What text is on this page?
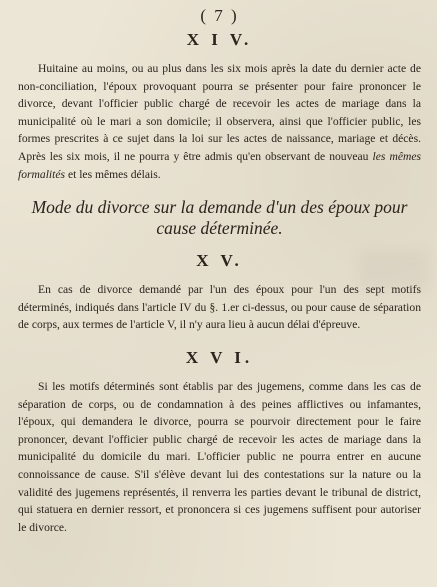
( 7 )
X I V.

Huitaine au moins, ou au plus dans les six mois après la date du dernier acte de non-conciliation, l'époux provoquant pourra se présenter pour faire prononcer le divorce, devant l'officier public chargé de recevoir les actes de mariage dans la municipalité où le mari a son domicile; il observera, ainsi que l'officier public, les formes prescrites à ce sujet dans la loi sur les actes de naissance, mariage et décès. Après les six mois, il ne pourra y être admis qu'en observant de nouveau les mêmes formalités et les mêmes délais.

Mode du divorce sur la demande d'un des époux pour cause déterminée.
X V.

En cas de divorce demandé par l'un des époux pour l'un des sept motifs déterminés, indiqués dans l'article IV du §. 1.er ci-dessus, ou pour cause de séparation de corps, aux termes de l'article V, il n'y aura lieu à aucun délai d'épreuve.

X V I.

Si les motifs déterminés sont établis par des jugemens, comme dans les cas de séparation de corps, ou de condamnation à des peines afflictives ou infamantes, l'époux, qui demandera le divorce, pourra se pourvoir directement pour le faire prononcer, devant l'officier public chargé de recevoir les actes de mariage dans la municipalité du domicile du mari. L'officier public ne pourra entrer en aucune connoissance de cause. S'il s'élève devant lui des contestations sur la nature ou la validité des jugemens représentés, il renverra les parties devant le tribunal de district, qui statuera en dernier ressort, et prononcera si ces jugemens suffisent pour autoriser le divorce.
